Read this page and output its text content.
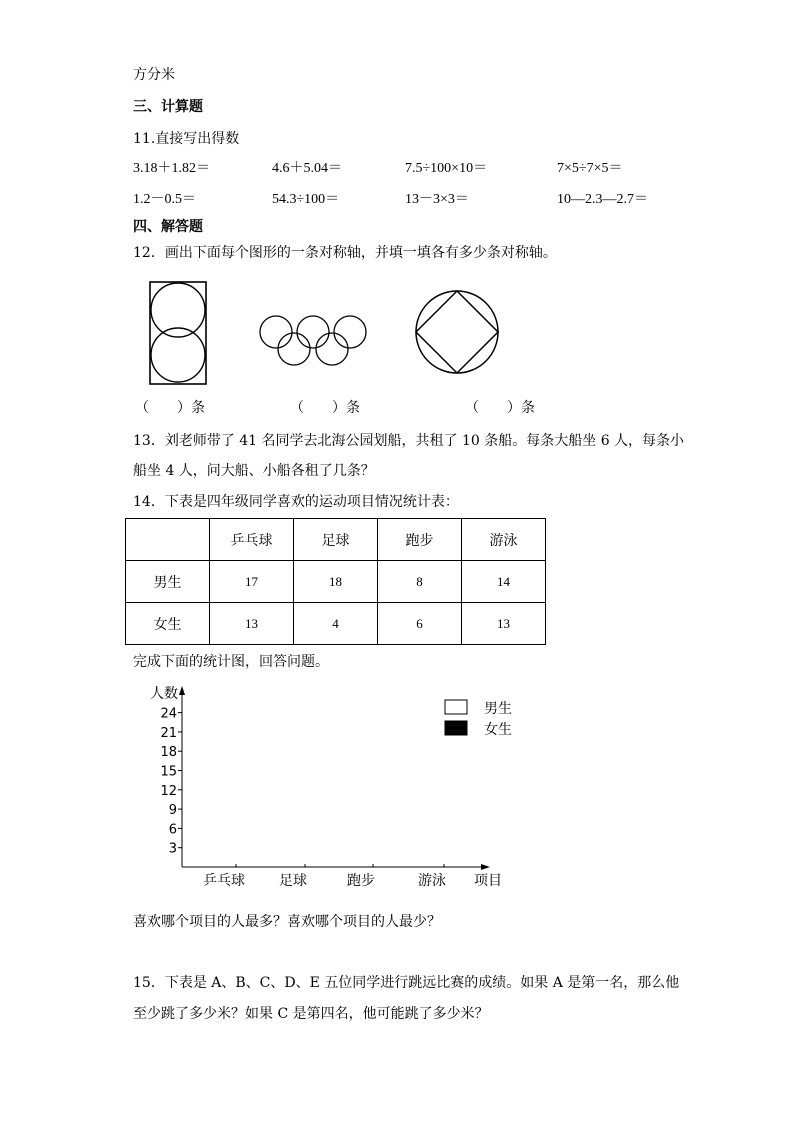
方分米
三、计算题
11.直接写出得数
3.18＋1.82＝	4.6＋5.04＝	7.5÷100×10＝	7×5÷7×5＝
1.2－0.5＝	54.3÷100＝	13－3×3＝	10—2.3—2.7＝
四、解答题
12．画出下面每个图形的一条对称轴，并填一填各有多少条对称轴。
（　　）条	（　　）条	（　　）条
13．刘老师带了 41 名同学去北海公园划船，共租了 10 条船。每条大船坐 6 人，每条小
船坐 4 人，问大船、小船各租了几条？
14．下表是四年级同学喜欢的运动项目情况统计表：
	乒乓球	足球	跑步	游泳
男生	17	18	8	14
女生	13	4	6	13
完成下面的统计图，回答问题。
人数
项目
3
6
9
12
15
18
21
24
乒乓球 足球	跑步	游泳
男生
女生
喜欢哪个项目的人最多？喜欢哪个项目的人最少？
15．下表是 A、B、C、D、E 五位同学进行跳远比赛的成绩。如果 A 是第一名，那么他
至少跳了多少米？如果 C 是第四名，他可能跳了多少米？
